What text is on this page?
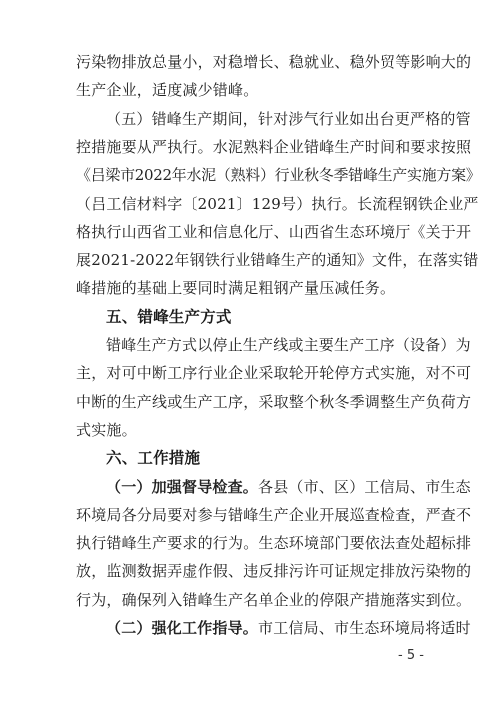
污染物排放总量小，对稳增长、稳就业、稳外贸等影响大的
生产企业，适度减少错峰。
（五）错峰生产期间，针对涉气行业如出台更严格的管
控措施要从严执行。水泥熟料企业错峰生产时间和要求按照
《吕梁市2022年水泥（熟料）行业秋冬季错峰生产实施方案》
（吕工信材料字〔2021〕129号）执行。长流程钢铁企业严
格执行山西省工业和信息化厅、山西省生态环境厅《关于开
展2021-2022年钢铁行业错峰生产的通知》文件，在落实错
峰措施的基础上要同时满足粗钢产量压减任务。
五、错峰生产方式
错峰生产方式以停止生产线或主要生产工序（设备）为
主，对可中断工序行业企业采取轮开轮停方式实施，对不可
中断的生产线或生产工序，采取整个秋冬季调整生产负荷方
式实施。
六、工作措施
（一）加强督导检查。各县（市、区）工信局、市生态
环境局各分局要对参与错峰生产企业开展巡查检查，严查不
执行错峰生产要求的行为。生态环境部门要依法查处超标排
放，监测数据弄虚作假、违反排污许可证规定排放污染物的
行为，确保列入错峰生产名单企业的停限产措施落实到位。
（二）强化工作指导。市工信局、市生态环境局将适时
- 5 -
